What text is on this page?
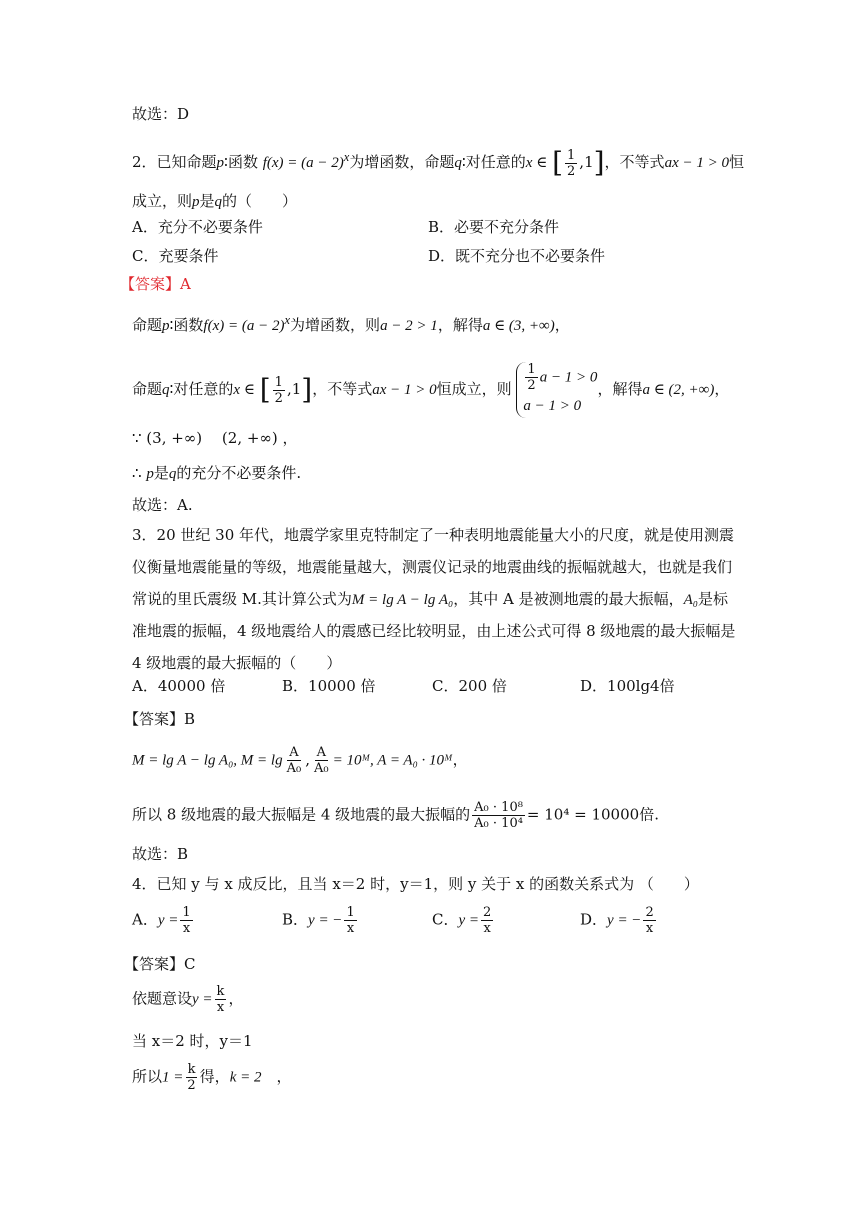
故选：D
2．已知命题p∶函数 $f(x) = (a - 2)^x$为增函数，命题q∶对任意的x ∈ [ $\frac{1}{2} ,1$]，不等式ax − 1 > 0恒
成立，则p是q的（　　）
A．充分不必要条件	B．必要不充分条件
C．充要条件	D．既不充分也不必要条件
【答案】A
命题p∶函数$f(x) = (a - 2)^x$为增函数，则a − 2 > 1，解得a ∈ (3, +∞)，
命题q∶对任意的x ∈ [ $\frac{1}{2} ,1$]，不等式ax − 1 > 0恒成立，则 $\frac{1}{2}$ a − 1 > 0
a − 1 > 0
，解得a ∈ (2, +∞)，
∵ (3, +∞)　 (2, +∞) ，
∴ p是q的充分不必要条件.
故选：A.
3．20 世纪 30 年代，地震学家里克特制定了一种表明地震能量大小的尺度，就是使用测震
仪衡量地震能量的等级，地震能量越大，测震仪记录的地震曲线的振幅就越大，也就是我们
常说的里氏震级 M.其计算公式为M = lg A − lg A₀，其中 A 是被测地震的最大振幅，A₀是标
准地震的振幅，4 级地震给人的震感已经比较明显，由上述公式可得 8 级地震的最大振幅是
4 级地震的最大振幅的（　　）
A．40000 倍	B．10000 倍	C．200 倍	D．100lg4倍
【答案】B
M = lg A − lg A₀, $M = \lg \frac{A}{\text{A₀}}$ , $\frac{A}{\text{A₀}}$ = 10ᴹ, A = A₀ · 10ᴹ，
所以 8 级地震的最大振幅是 4 级地震的最大振幅的 $\frac{\text{A₀ · 10⁸}}{\text{A₀ · 10⁴}} = 10^4 = 10000$倍.
故选：B
4．已知 y 与 x 成反比，且当 x＝2 时，y＝1，则 y 关于 x 的函数关系式为 （　　）
A．$y = \frac{1}{x}$	B．y = − $\frac{1}{x}$	C．$y = \frac{2}{x}$	D．y = − $\frac{2}{x}$
【答案】C
依题意设$y = \frac{k}{x}$ ，
当 x＝2 时，y＝1
所以$1 = \frac{k}{2}$ 得，k = 2　，
